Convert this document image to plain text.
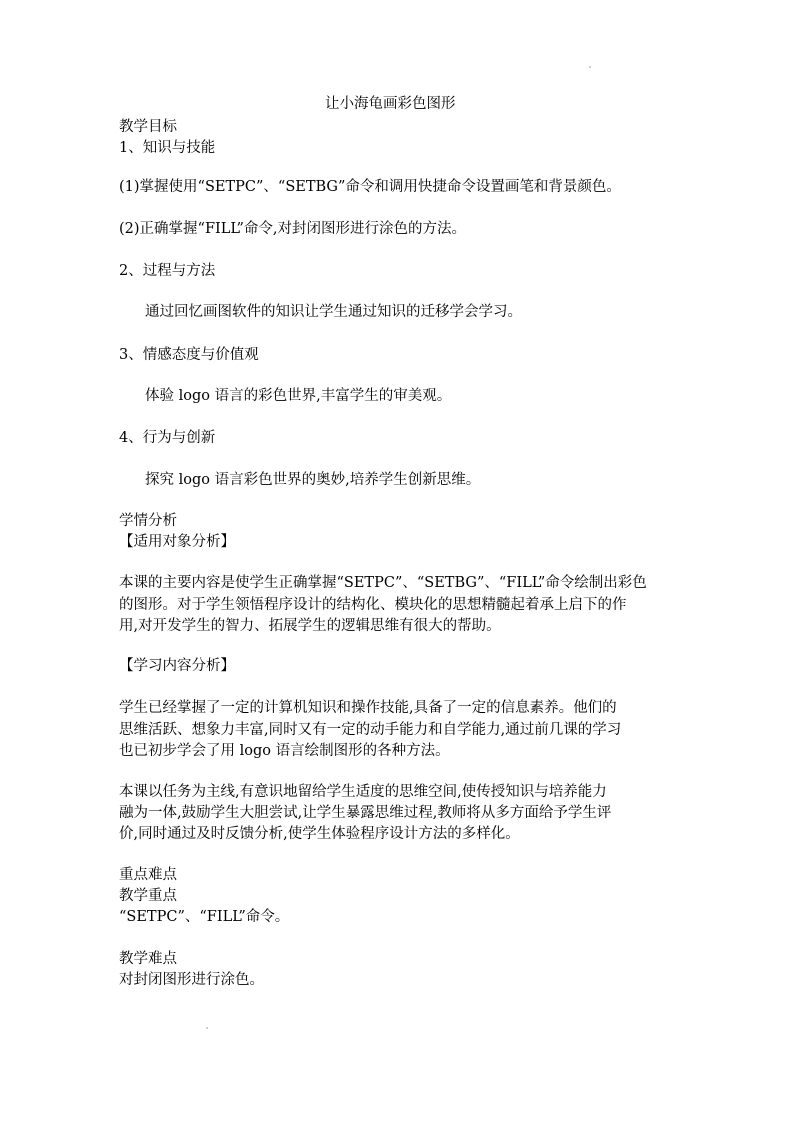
让小海龟画彩色图形
教学目标
1、知识与技能
(1)掌握使用“SETPC”、“SETBG”命令和调用快捷命令设置画笔和背景颜色。
(2)正确掌握“FILL”命令,对封闭图形进行涂色的方法。
2、过程与方法
通过回忆画图软件的知识让学生通过知识的迁移学会学习。
3、情感态度与价值观
体验 logo 语言的彩色世界,丰富学生的审美观。
4、行为与创新
探究 logo 语言彩色世界的奥妙,培养学生创新思维。
学情分析
【适用对象分析】
本课的主要内容是使学生正确掌握“SETPC”、“SETBG”、“FILL”命令绘制出彩色
的图形。对于学生领悟程序设计的结构化、模块化的思想精髓起着承上启下的作
用,对开发学生的智力、拓展学生的逻辑思维有很大的帮助。
【学习内容分析】
学生已经掌握了一定的计算机知识和操作技能,具备了一定的信息素养。他们的
思维活跃、想象力丰富,同时又有一定的动手能力和自学能力,通过前几课的学习
也已初步学会了用 logo 语言绘制图形的各种方法。
本课以任务为主线,有意识地留给学生适度的思维空间,使传授知识与培养能力
融为一体,鼓励学生大胆尝试,让学生暴露思维过程,教师将从多方面给予学生评
价,同时通过及时反馈分析,使学生体验程序设计方法的多样化。
重点难点
教学重点
“SETPC”、“FILL”命令。
教学难点
对封闭图形进行涂色。
